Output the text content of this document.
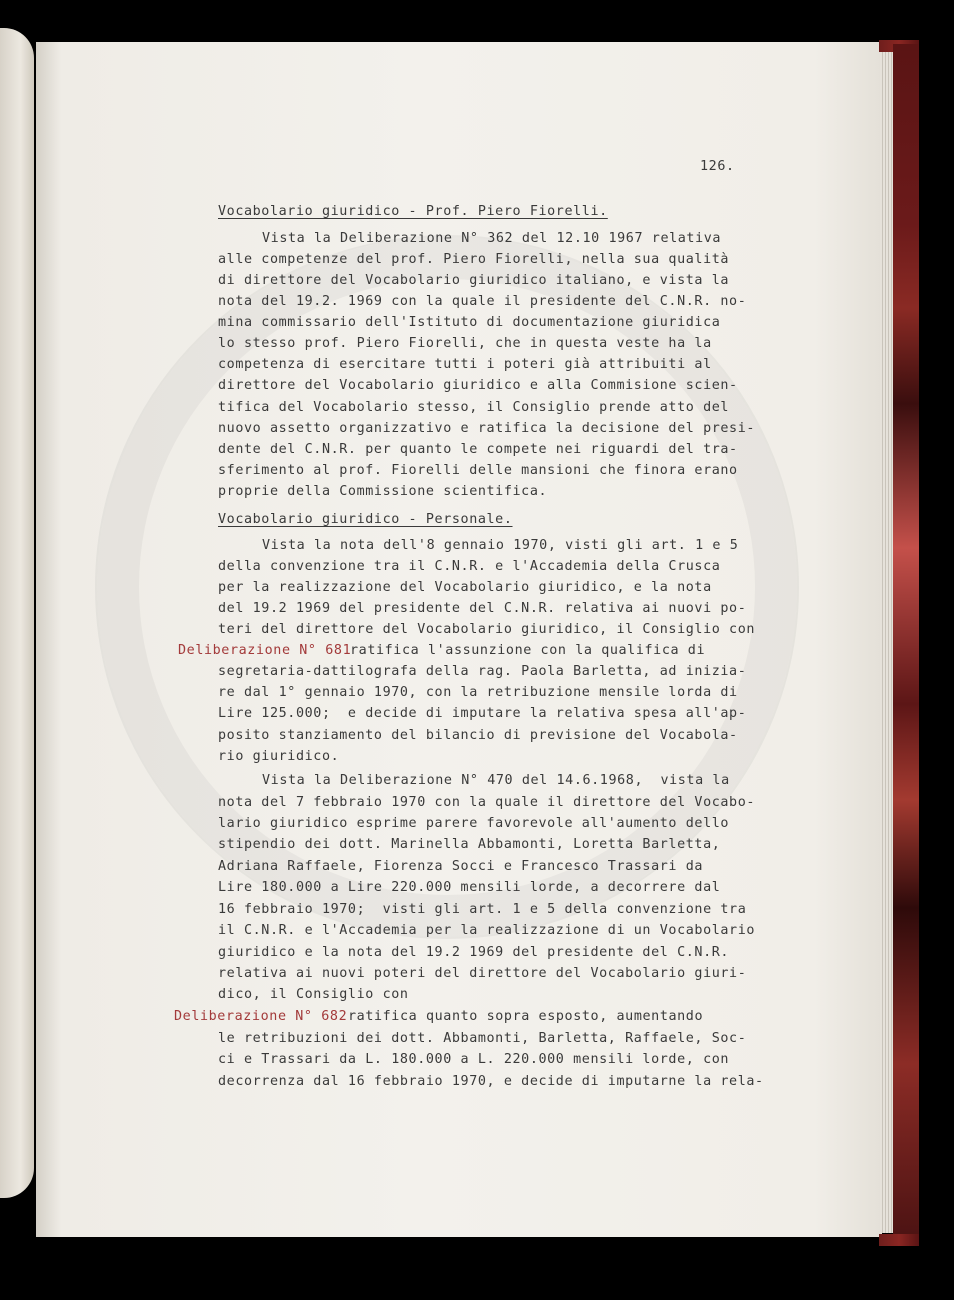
126.
Vocabolario giuridico - Prof. Piero Fiorelli.
Vista la Deliberazione N° 362 del 12.10 1967 relativa
alle competenze del prof. Piero Fiorelli, nella sua qualità
di direttore del Vocabolario giuridico italiano, e vista la
nota del 19.2. 1969 con la quale il presidente del C.N.R. no-
mina commissario dell'Istituto di documentazione giuridica
lo stesso prof. Piero Fiorelli, che in questa veste ha la
competenza di esercitare tutti i poteri già attribuiti al
direttore del Vocabolario giuridico e alla Commisione scien-
tifica del Vocabolario stesso, il Consiglio prende atto del
nuovo assetto organizzativo e ratifica la decisione del presi-
dente del C.N.R. per quanto le compete nei riguardi del tra-
sferimento al prof. Fiorelli delle mansioni che finora erano
proprie della Commissione scientifica.
Vocabolario giuridico - Personale.
Vista la nota dell'8 gennaio 1970, visti gli art. 1 e 5
della convenzione tra il C.N.R. e l'Accademia della Crusca
per la realizzazione del Vocabolario giuridico, e la nota
del 19.2 1969 del presidente del C.N.R. relativa ai nuovi po-
teri del direttore del Vocabolario giuridico, il Consiglio con
Deliberazione N° 681
ratifica l'assunzione con la qualifica di
segretaria-dattilografa della rag. Paola Barletta, ad inizia-
re dal 1° gennaio 1970, con la retribuzione mensile lorda di
Lire 125.000;  e decide di imputare la relativa spesa all'ap-
posito stanziamento del bilancio di previsione del Vocabola-
rio giuridico.
Vista la Deliberazione N° 470 del 14.6.1968,  vista la
nota del 7 febbraio 1970 con la quale il direttore del Vocabo-
lario giuridico esprime parere favorevole all'aumento dello
stipendio dei dott. Marinella Abbamonti, Loretta Barletta,
Adriana Raffaele, Fiorenza Socci e Francesco Trassari da
Lire 180.000 a Lire 220.000 mensili lorde, a decorrere dal
16 febbraio 1970;  visti gli art. 1 e 5 della convenzione tra
il C.N.R. e l'Accademia per la realizzazione di un Vocabolario
giuridico e la nota del 19.2 1969 del presidente del C.N.R.
relativa ai nuovi poteri del direttore del Vocabolario giuri-
dico, il Consiglio con
Deliberazione N° 682 ratifica quanto sopra esposto, aumentando
le retribuzioni dei dott. Abbamonti, Barletta, Raffaele, Soc-
ci e Trassari da L. 180.000 a L. 220.000 mensili lorde, con
decorrenza dal 16 febbraio 1970, e decide di imputarne la rela-
